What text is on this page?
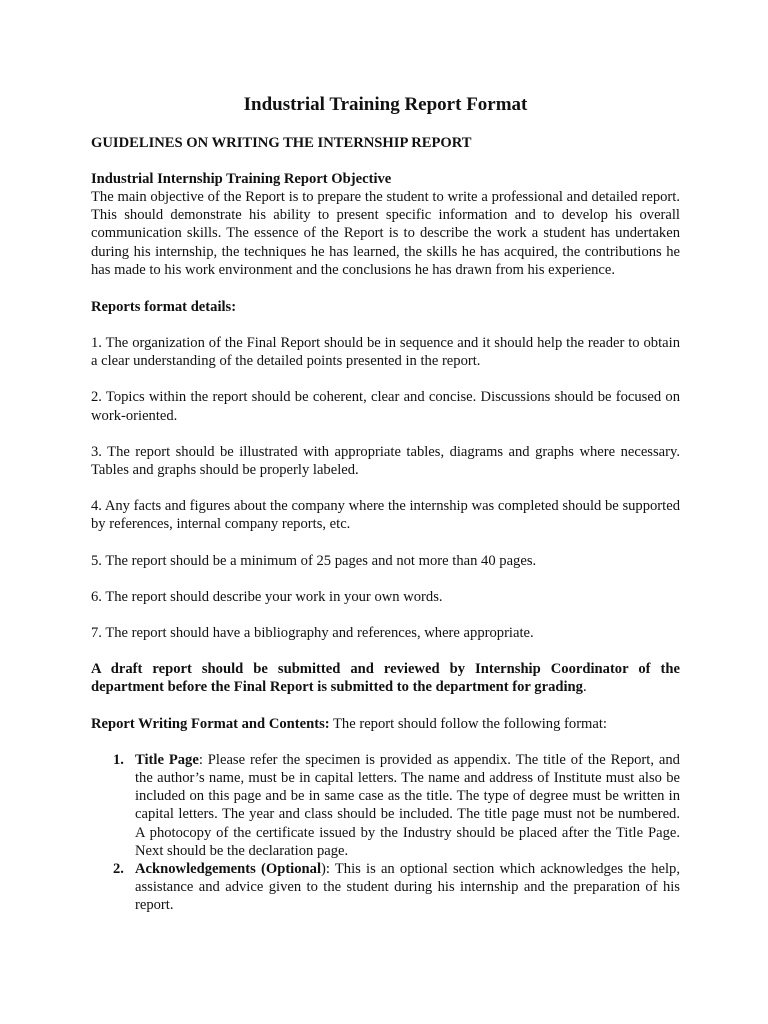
Industrial Training Report Format
GUIDELINES ON WRITING THE INTERNSHIP REPORT
Industrial Internship Training Report Objective

The main objective of the Report is to prepare the student to write a professional and detailed report. This should demonstrate his ability to present specific information and to develop his overall communication skills. The essence of the Report is to describe the work a student has undertaken during his internship, the techniques he has learned, the skills he has acquired, the contributions he has made to his work environment and the conclusions he has drawn from his experience.

Reports format details:

1. The organization of the Final Report should be in sequence and it should help the reader to obtain a clear understanding of the detailed points presented in the report.

2. Topics within the report should be coherent, clear and concise. Discussions should be focused on work-oriented.

3. The report should be illustrated with appropriate tables, diagrams and graphs where necessary. Tables and graphs should be properly labeled.

4. Any facts and figures about the company where the internship was completed should be supported by references, internal company reports, etc.

5. The report should be a minimum of 25 pages and not more than 40 pages.

6. The report should describe your work in your own words.

7. The report should have a bibliography and references, where appropriate.

A draft report should be submitted and reviewed by Internship Coordinator of the department before the Final Report is submitted to the department for grading.

Report Writing Format and Contents: The report should follow the following format:

1. Title Page: Please refer the specimen is provided as appendix. The title of the Report, and the author’s name, must be in capital letters. The name and address of Institute must also be included on this page and be in same case as the title. The type of degree must be written in capital letters. The year and class should be included. The title page must not be numbered. A photocopy of the certificate issued by the Industry should be placed after the Title Page. Next should be the declaration page.
2. Acknowledgements (Optional): This is an optional section which acknowledges the help, assistance and advice given to the student during his internship and the preparation of his report.
